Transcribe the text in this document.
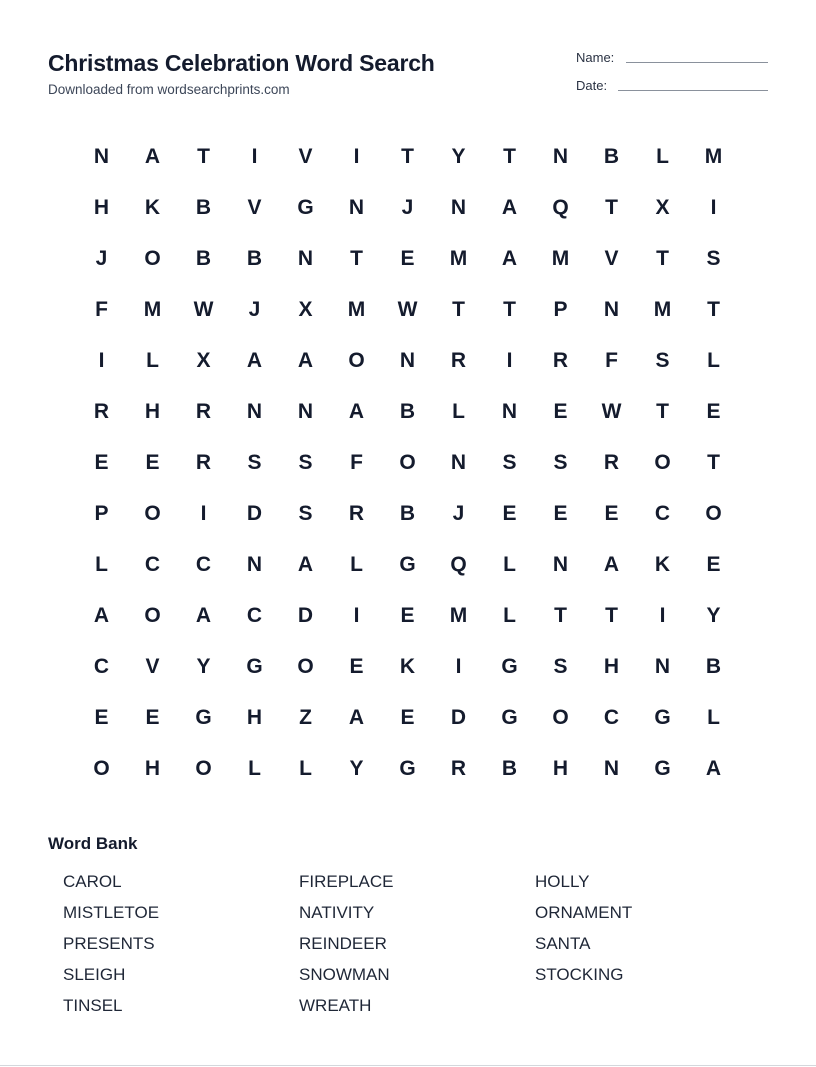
Christmas Celebration Word Search
Downloaded from wordsearchprints.com
Name:
Date:
N	A	T	I	V	I	T	Y	T	N	B	L	M
H	K	B	V	G	N	J	N	A	Q	T	X	I
J	O	B	B	N	T	E	M	A	M	V	T	S
F	M	W	J	X	M	W	T	T	P	N	M	T
I	L	X	A	A	O	N	R	I	R	F	S	L
R	H	R	N	N	A	B	L	N	E	W	T	E
E	E	R	S	S	F	O	N	S	S	R	O	T
P	O	I	D	S	R	B	J	E	E	E	C	O
L	C	C	N	A	L	G	Q	L	N	A	K	E
A	O	A	C	D	I	E	M	L	T	T	I	Y
C	V	Y	G	O	E	K	I	G	S	H	N	B
E	E	G	H	Z	A	E	D	G	O	C	G	L
O	H	O	L	L	Y	G	R	B	H	N	G	A
Word Bank
CAROL	FIREPLACE	HOLLY
MISTLETOE	NATIVITY	ORNAMENT
PRESENTS	REINDEER	SANTA
SLEIGH	SNOWMAN	STOCKING
TINSEL	WREATH
